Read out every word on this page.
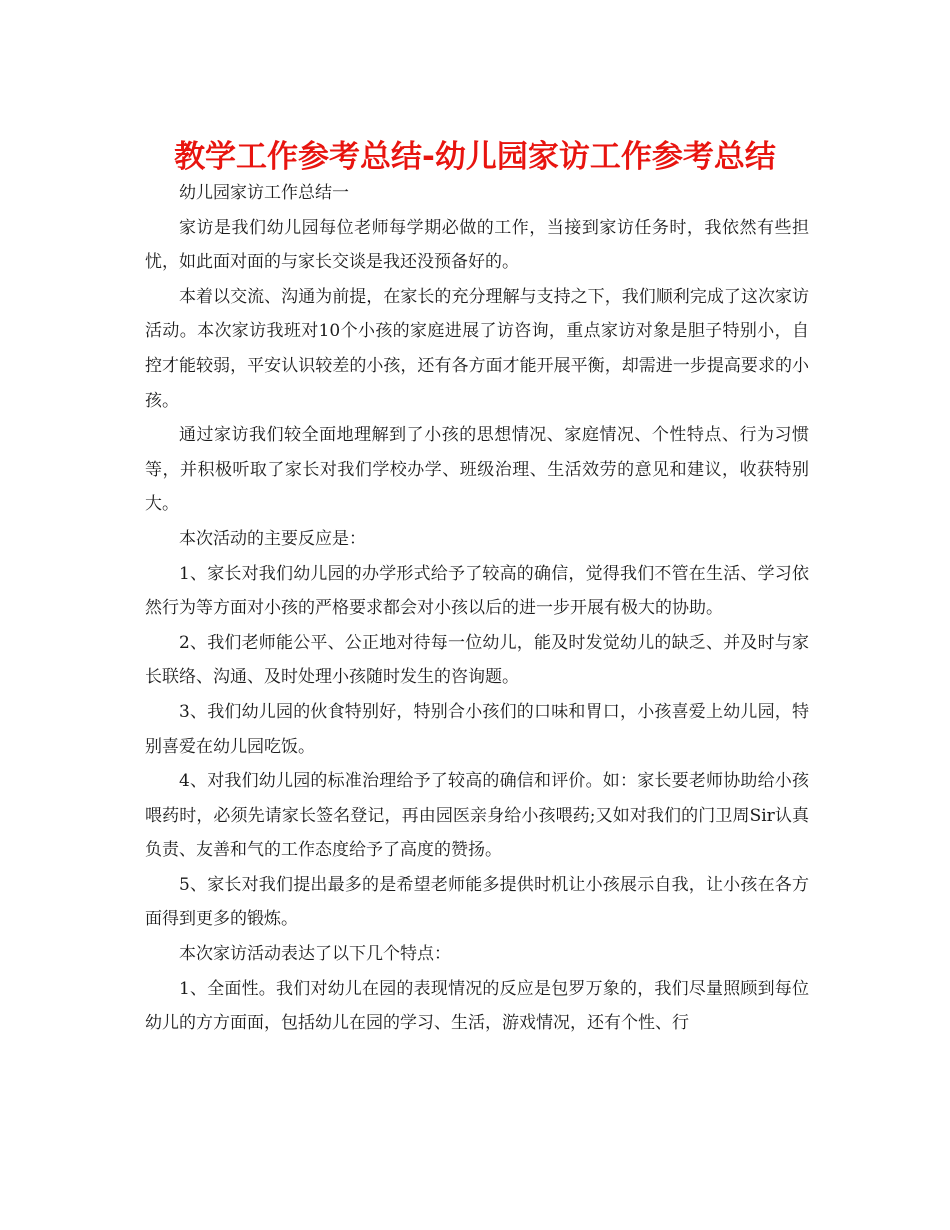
教学工作参考总结-幼儿园家访工作参考总结

幼儿园家访工作总结一

家访是我们幼儿园每位老师每学期必做的工作，当接到家访任务时，我依然有些担忧，如此面对面的与家长交谈是我还没预备好的。

本着以交流、沟通为前提，在家长的充分理解与支持之下，我们顺利完成了这次家访活动。本次家访我班对10个小孩的家庭进展了访咨询，重点家访对象是胆子特别小，自控才能较弱，平安认识较差的小孩，还有各方面才能开展平衡，却需进一步提高要求的小孩。

通过家访我们较全面地理解到了小孩的思想情况、家庭情况、个性特点、行为习惯等，并积极听取了家长对我们学校办学、班级治理、生活效劳的意见和建议，收获特别大。

本次活动的主要反应是：

1、家长对我们幼儿园的办学形式给予了较高的确信，觉得我们不管在生活、学习依然行为等方面对小孩的严格要求都会对小孩以后的进一步开展有极大的协助。

2、我们老师能公平、公正地对待每一位幼儿，能及时发觉幼儿的缺乏、并及时与家长联络、沟通、及时处理小孩随时发生的咨询题。

3、我们幼儿园的伙食特别好，特别合小孩们的口味和胃口，小孩喜爱上幼儿园，特别喜爱在幼儿园吃饭。

4、对我们幼儿园的标准治理给予了较高的确信和评价。如：家长要老师协助给小孩喂药时，必须先请家长签名登记，再由园医亲身给小孩喂药;又如对我们的门卫周Sir认真负责、友善和气的工作态度给予了高度的赞扬。

5、家长对我们提出最多的是希望老师能多提供时机让小孩展示自我，让小孩在各方面得到更多的锻炼。

本次家访活动表达了以下几个特点：

1、全面性。我们对幼儿在园的表现情况的反应是包罗万象的，我们尽量照顾到每位幼儿的方方面面，包括幼儿在园的学习、生活，游戏情况，还有个性、行
